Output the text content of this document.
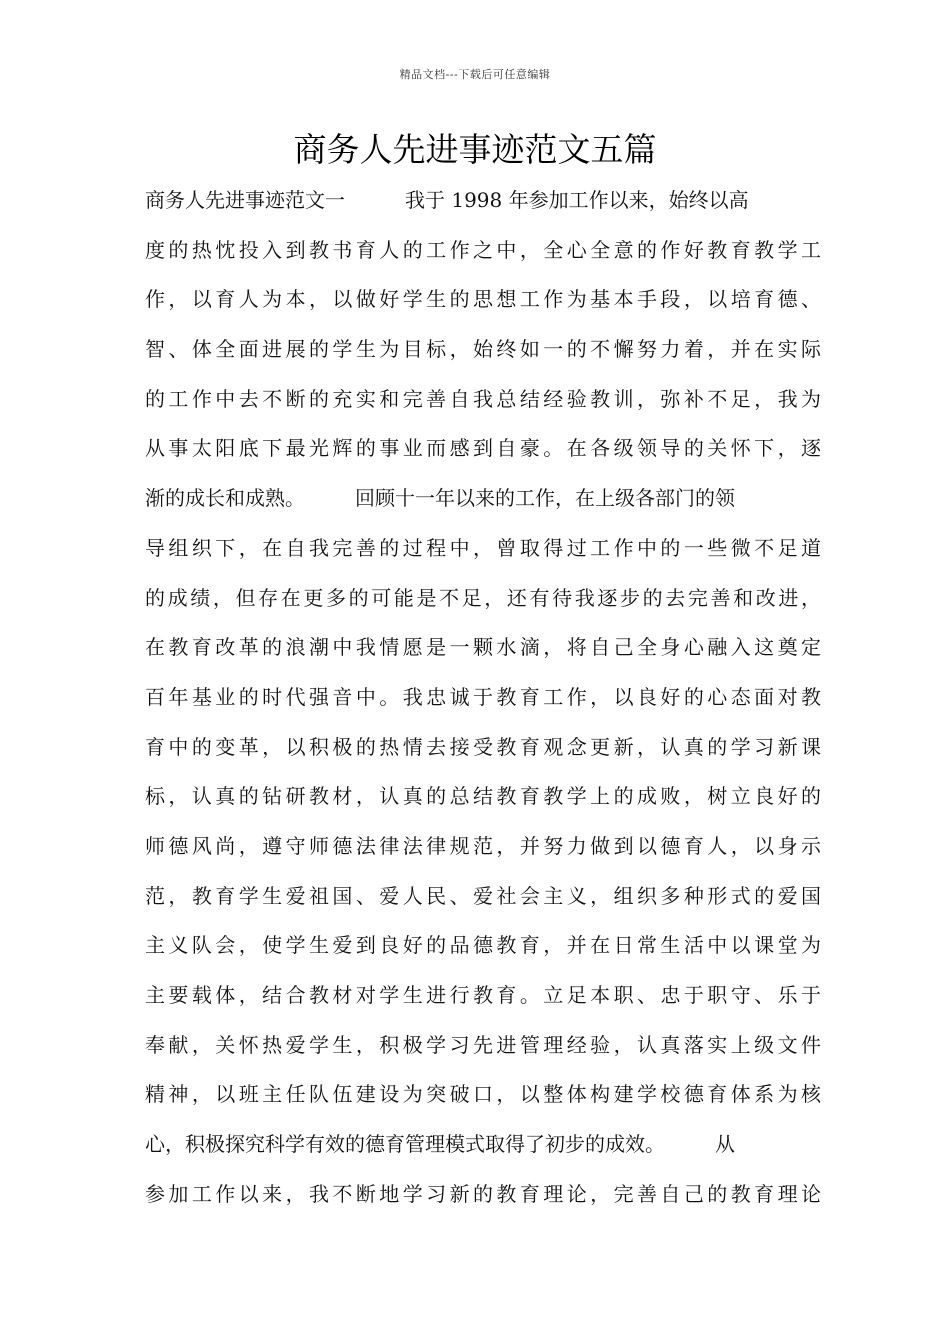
精品文档---下载后可任意编辑
商务人先进事迹范文五篇
商务人先进事迹范文一　　　我于 1998 年参加工作以来，始终以高
度的热忱投入到教书育人的工作之中，全心全意的作好教育教学工
作，以育人为本，以做好学生的思想工作为基本手段，以培育德、
智、体全面进展的学生为目标，始终如一的不懈努力着，并在实际
的工作中去不断的充实和完善自我总结经验教训，弥补不足，我为
从事太阳底下最光辉的事业而感到自豪。在各级领导的关怀下，逐
渐的成长和成熟。　　　回顾十一年以来的工作，在上级各部门的领
导组织下，在自我完善的过程中，曾取得过工作中的一些微不足道
的成绩，但存在更多的可能是不足，还有待我逐步的去完善和改进，
在教育改革的浪潮中我情愿是一颗水滴，将自己全身心融入这奠定
百年基业的时代强音中。我忠诚于教育工作，以良好的心态面对教
育中的变革，以积极的热情去接受教育观念更新，认真的学习新课
标，认真的钻研教材，认真的总结教育教学上的成败，树立良好的
师德风尚，遵守师德法律法律规范，并努力做到以德育人，以身示
范，教育学生爱祖国、爱人民、爱社会主义，组织多种形式的爱国
主义队会，使学生爱到良好的品德教育，并在日常生活中以课堂为
主要载体，结合教材对学生进行教育。立足本职、忠于职守、乐于
奉献，关怀热爱学生，积极学习先进管理经验，认真落实上级文件
精神，以班主任队伍建设为突破口，以整体构建学校德育体系为核
心，积极探究科学有效的德育管理模式取得了初步的成效。　　　从
参加工作以来，我不断地学习新的教育理论，完善自己的教育理论
